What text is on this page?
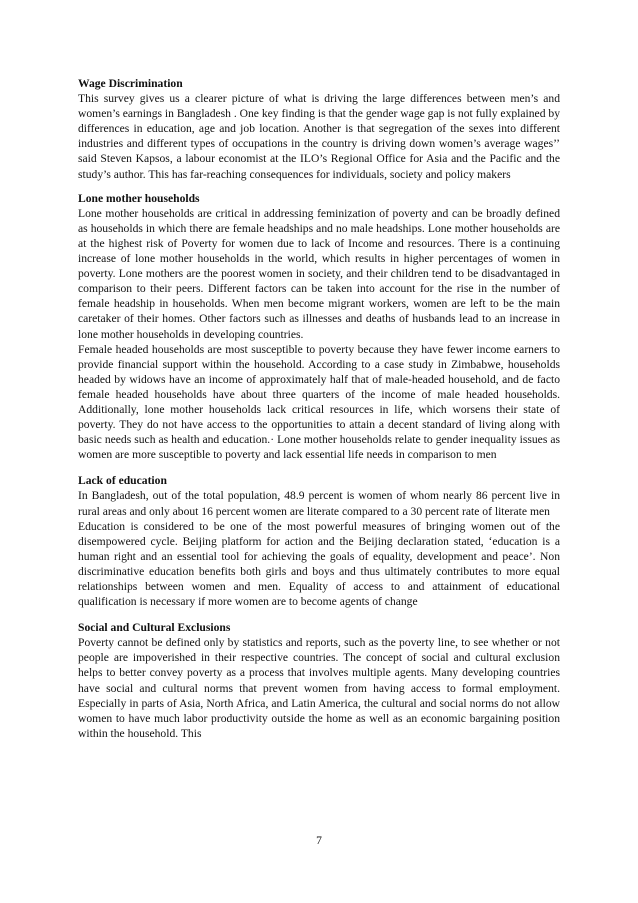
Wage Discrimination

This survey gives us a clearer picture of what is driving the large differences between men’s and women’s earnings in Bangladesh . One key finding is that the gender wage gap is not fully explained by differences in education, age and job location. Another is that segregation of the sexes into different industries and different types of occupations in the country is driving down women’s average wages’’ said Steven Kapsos, a labour economist at the ILO’s Regional Office for Asia and the Pacific and the study’s author. This has far-reaching consequences for individuals, society and policy makers

Lone mother households

Lone mother households are critical in addressing feminization of poverty and can be broadly defined as households in which there are female headships and no male headships. Lone mother households are at the highest risk of Poverty for women due to lack of Income and resources. There is a continuing increase of lone mother households in the world, which results in higher percentages of women in poverty. Lone mothers are the poorest women in society, and their children tend to be disadvantaged in comparison to their peers. Different factors can be taken into account for the rise in the number of female headship in households. When men become migrant workers, women are left to be the main caretaker of their homes. Other factors such as illnesses and deaths of husbands lead to an increase in lone mother households in developing countries.

Female headed households are most susceptible to poverty because they have fewer income earners to provide financial support within the household. According to a case study in Zimbabwe, households headed by widows have an income of approximately half that of male-headed household, and de facto female headed households have about three quarters of the income of male headed households. Additionally, lone mother households lack critical resources in life, which worsens their state of poverty. They do not have access to the opportunities to attain a decent standard of living along with basic needs such as health and education.· Lone mother households relate to gender inequality issues as women are more susceptible to poverty and lack essential life needs in comparison to men

Lack of education

In Bangladesh, out of the total population, 48.9 percent is women of whom nearly 86 percent live in rural areas and only about 16 percent women are literate compared to a 30 percent rate of literate men

Education is considered to be one of the most powerful measures of bringing women out of the disempowered cycle. Beijing platform for action and the Beijing declaration stated, ‘education is a human right and an essential tool for achieving the goals of equality, development and peace’. Non discriminative education benefits both girls and boys and thus ultimately contributes to more equal relationships between women and men. Equality of access to and attainment of educational qualification is necessary if more women are to become agents of change

Social and Cultural Exclusions

Poverty cannot be defined only by statistics and reports, such as the poverty line, to see whether or not people are impoverished in their respective countries. The concept of social and cultural exclusion helps to better convey poverty as a process that involves multiple agents. Many developing countries have social and cultural norms that prevent women from having access to formal employment. Especially in parts of Asia, North Africa, and Latin America, the cultural and social norms do not allow women to have much labor productivity outside the home as well as an economic bargaining position within the household. This

7
